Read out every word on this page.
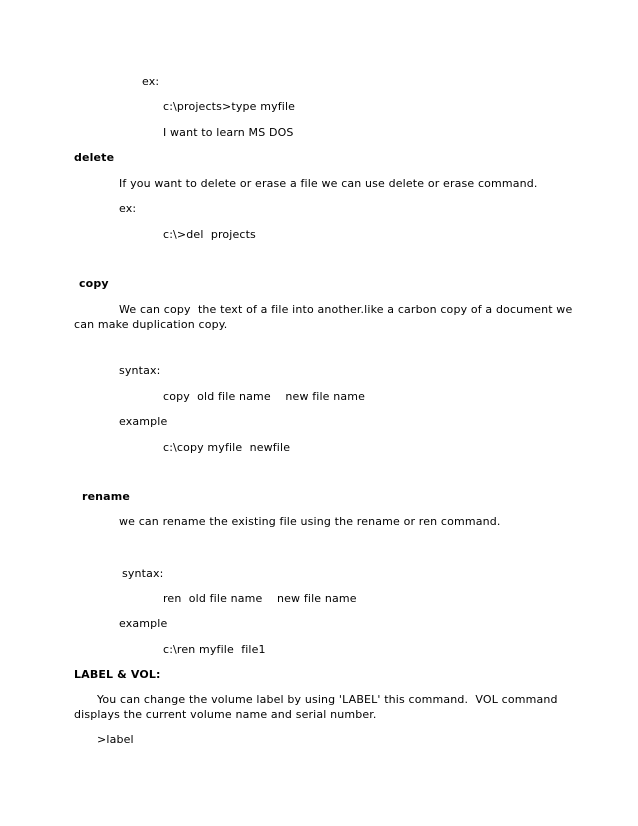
ex:
c:\projects>type myfile
I want to learn MS DOS
delete
If you want to delete or erase a file we can use delete or erase command.
ex:
c:\>del  projects
copy
We can copy  the text of a file into another.like a carbon copy of a document we
can make duplication copy.
syntax:
copy  old file name    new file name
example
c:\copy myfile  newfile
rename
we can rename the existing file using the rename or ren command.
syntax:
ren  old file name    new file name
example
c:\ren myfile  file1
LABEL & VOL:
You can change the volume label by using 'LABEL' this command.  VOL command
displays the current volume name and serial number.
>label
